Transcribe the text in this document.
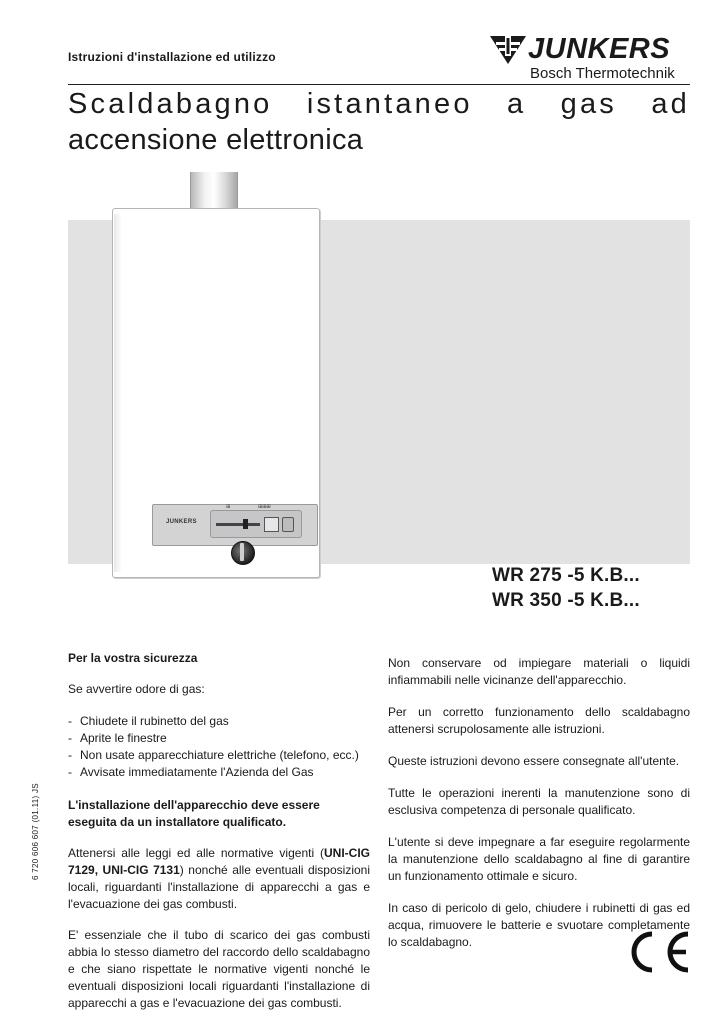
Istruzioni d'installazione ed utilizzo	JUNKERS
Bosch Thermotechnik
Scaldabagno istantaneo a gas ad
accensione elettronica
JUNKERS
⊞	⊞⊞⊞
WR 275 -5 K.B...
WR 350 -5 K.B...

Per la vostra sicurezza

Se avvertire odore di gas:

- Chiudete il rubinetto del gas
- Aprite le finestre
- Non usate apparecchiature elettriche (telefono, ecc.)
- Avvisate immediatamente l'Azienda del Gas

L'installazione dell'apparecchio deve essere eseguita da un installatore qualificato.

Attenersi alle leggi ed alle normative vigenti (UNI-CIG 7129, UNI-CIG 7131) nonché alle eventuali disposizioni locali, riguardanti l'installazione di apparecchi a gas e l'evacuazione dei gas combusti.

E' essenziale che il tubo di scarico dei gas combusti abbia lo stesso diametro del raccordo dello scaldabagno e che siano rispettate le normative vigenti nonché le eventuali disposizioni locali riguardanti l'installazione di apparecchi a gas e l'evacuazione dei gas combusti.

Non conservare od impiegare materiali o liquidi infiammabili nelle vicinanze dell'apparecchio.

Per un corretto funzionamento dello scaldabagno attenersi scrupolosamente alle istruzioni.

Queste istruzioni devono essere consegnate all'utente.

Tutte le operazioni inerenti la manutenzione sono di esclusiva competenza di personale qualificato.

L'utente si deve impegnare a far eseguire regolarmente la manutenzione dello scaldabagno al fine di garantire un funzionamento ottimale e sicuro.

In caso di pericolo di gelo, chiudere i rubinetti di gas ed acqua, rimuovere le batterie e svuotare completamente lo scaldabagno.

6 720 606 607 (01.11) JS
